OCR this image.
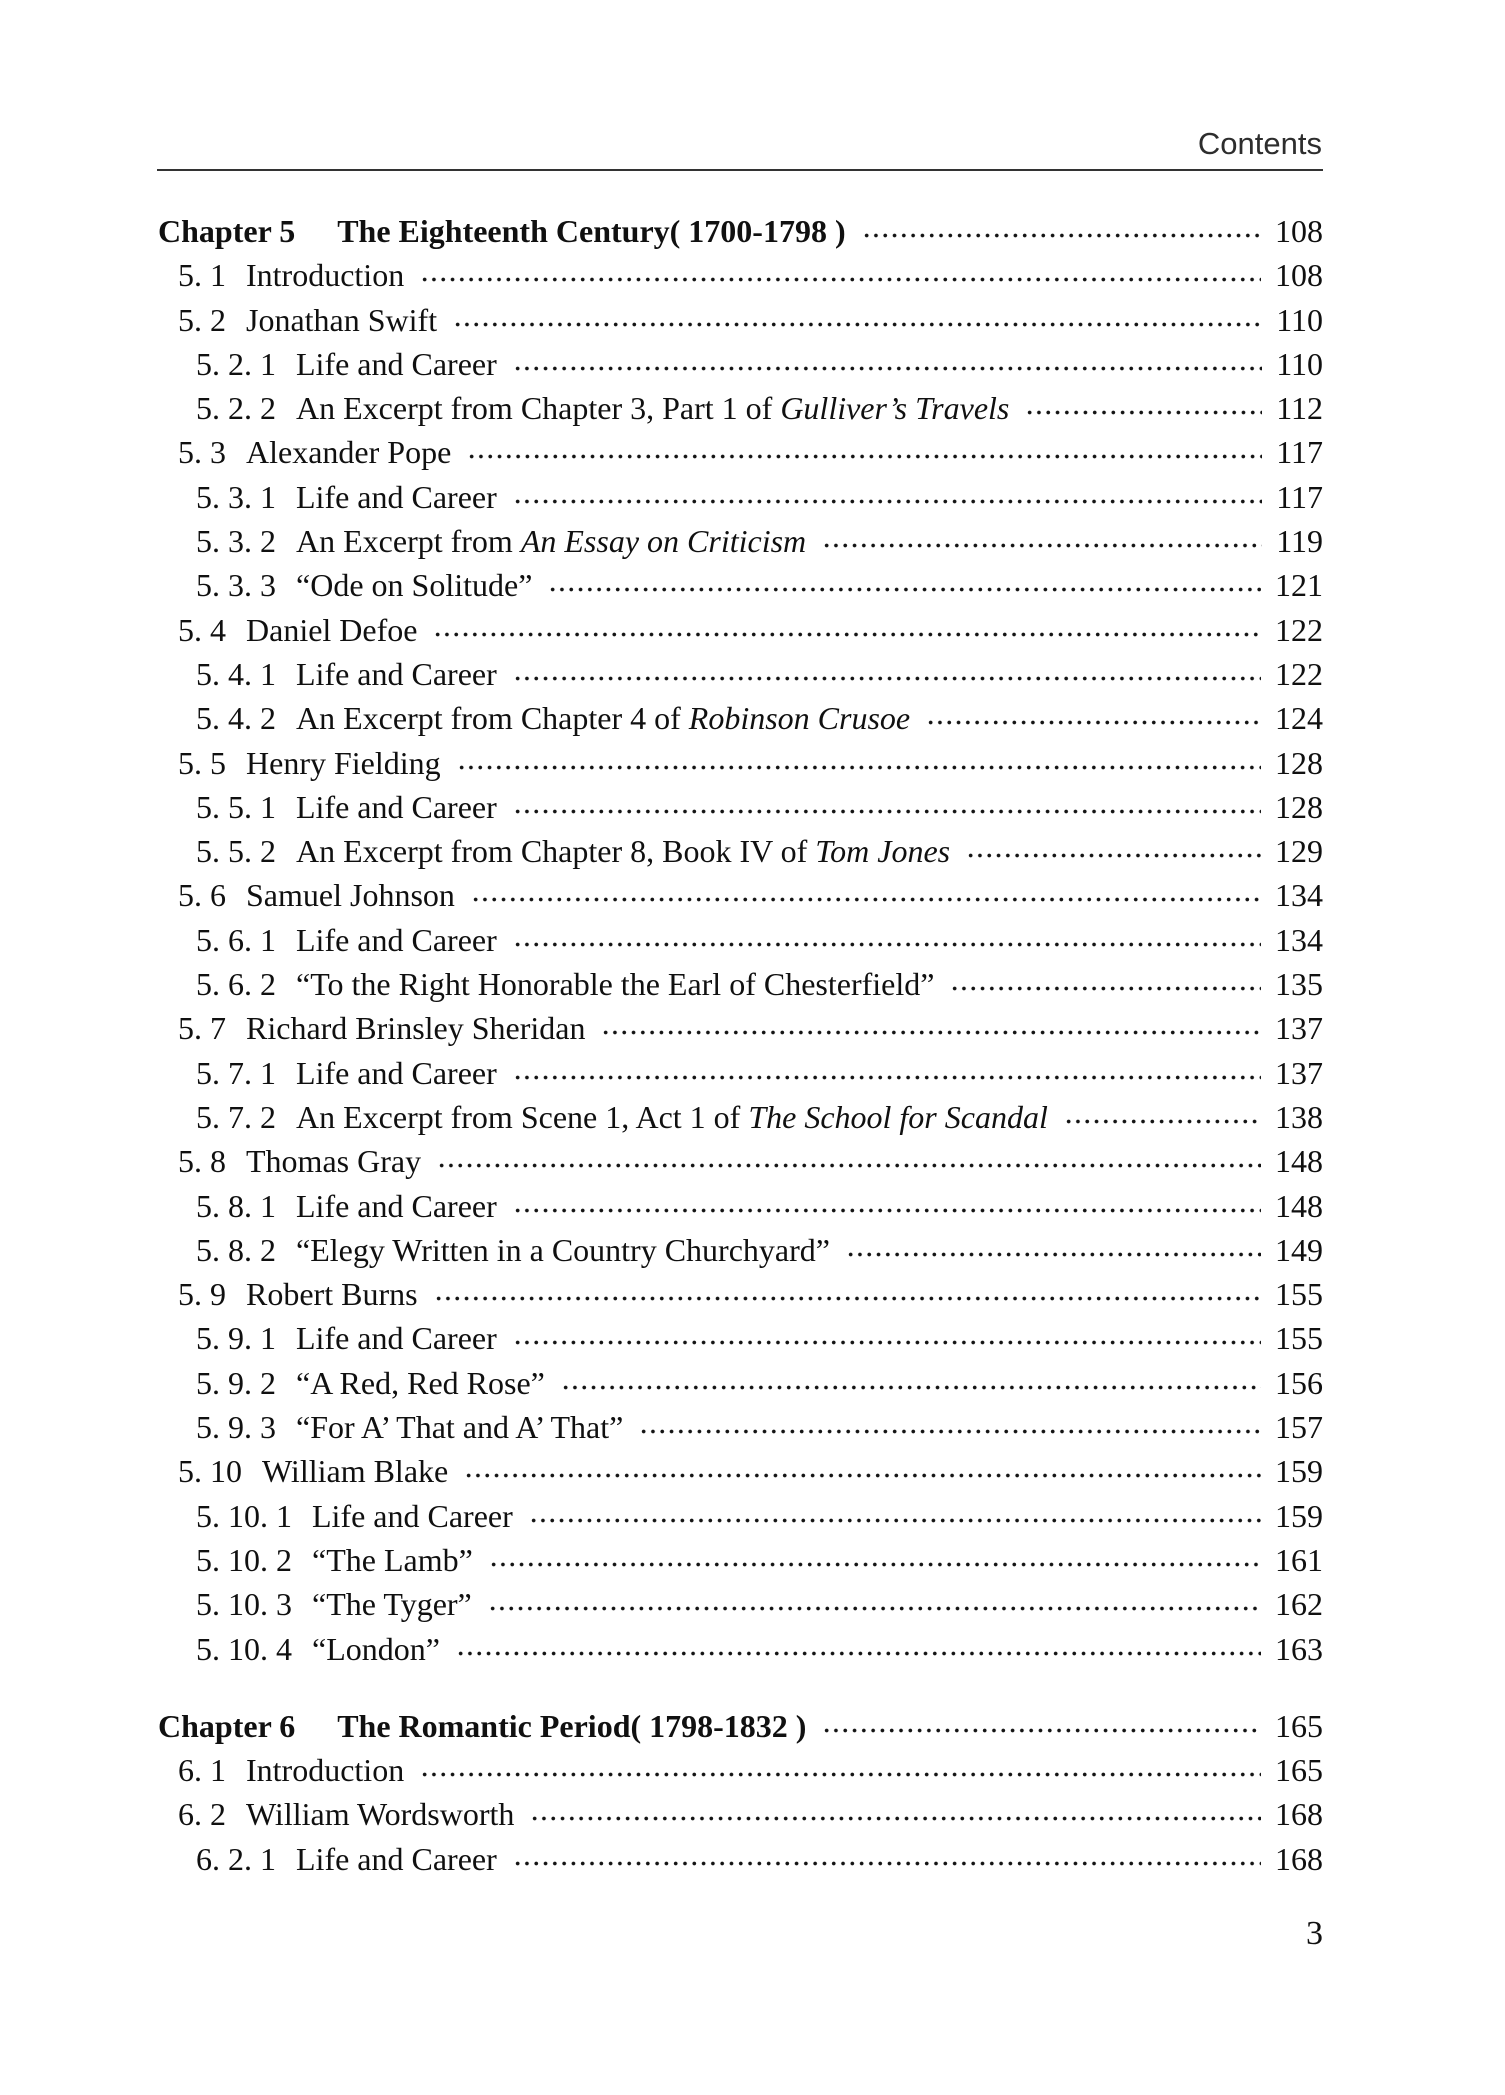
Contents
Chapter 5 The Eighteenth Century( 1700-1798 )	108
5. 1 Introduction	108
5. 2 Jonathan Swift	110
5. 2. 1 Life and Career	110
5. 2. 2 An Excerpt from Chapter 3, Part 1 of Gulliver’s Travels	112
5. 3 Alexander Pope	117
5. 3. 1 Life and Career	117
5. 3. 2 An Excerpt from An Essay on Criticism	119
5. 3. 3 “Ode on Solitude”	121
5. 4 Daniel Defoe	122
5. 4. 1 Life and Career	122
5. 4. 2 An Excerpt from Chapter 4 of Robinson Crusoe	124
5. 5 Henry Fielding	128
5. 5. 1 Life and Career	128
5. 5. 2 An Excerpt from Chapter 8, Book IV of Tom Jones	129
5. 6 Samuel Johnson	134
5. 6. 1 Life and Career	134
5. 6. 2 “To the Right Honorable the Earl of Chesterfield”	135
5. 7 Richard Brinsley Sheridan	137
5. 7. 1 Life and Career	137
5. 7. 2 An Excerpt from Scene 1, Act 1 of The School for Scandal	138
5. 8 Thomas Gray	148
5. 8. 1 Life and Career	148
5. 8. 2 “Elegy Written in a Country Churchyard”	149
5. 9 Robert Burns	155
5. 9. 1 Life and Career	155
5. 9. 2 “A Red, Red Rose”	156
5. 9. 3 “For A’ That and A’ That”	157
5. 10 William Blake	159
5. 10. 1 Life and Career	159
5. 10. 2 “The Lamb”	161
5. 10. 3 “The Tyger”	162
5. 10. 4 “London”	163
Chapter 6 The Romantic Period( 1798-1832 )	165
6. 1 Introduction	165
6. 2 William Wordsworth	168
6. 2. 1 Life and Career	168
3
